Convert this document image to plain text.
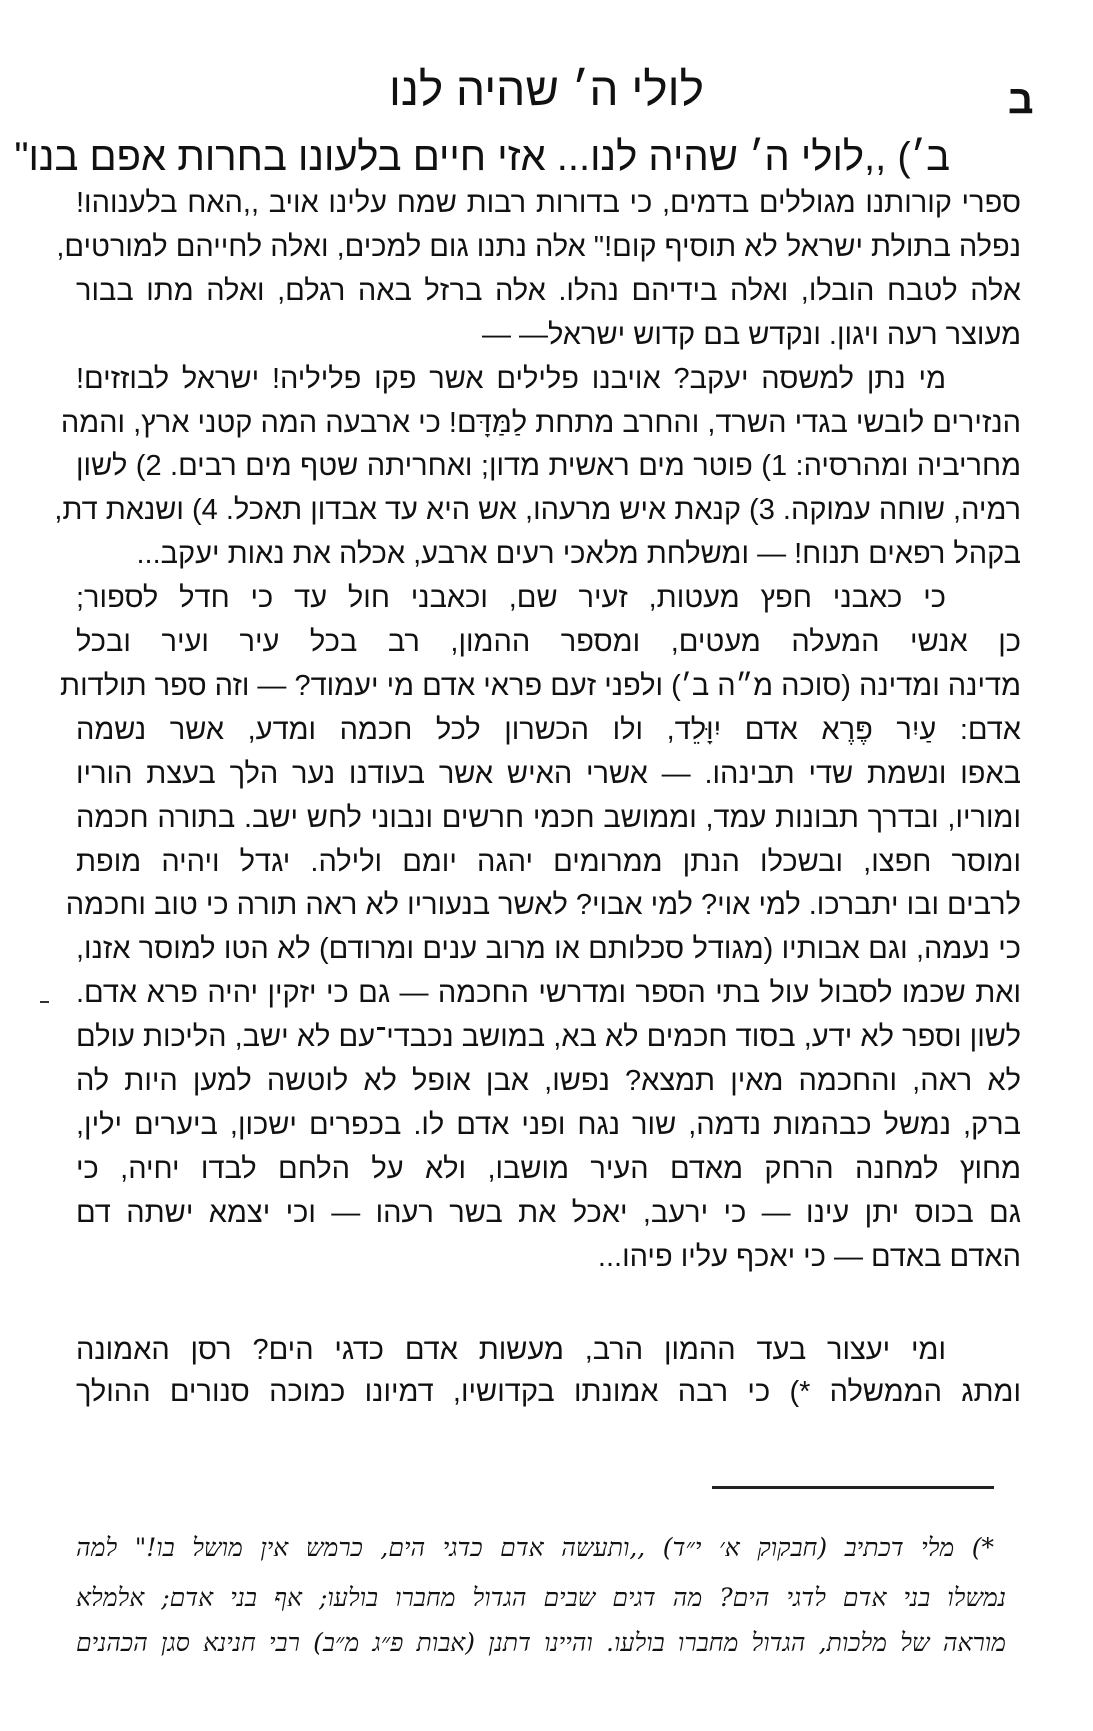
לולי ה׳ שהיה לנו	ב
ב׳) ,,לולי ה׳ שהיה לנו... אזי חיים בלעונו בחרות אפם בנו"
ספרי קורותנו מגוללים בדמים, כי בדורות רבות שמח עלינו אויב ,,האח בלענוהו!
נפלה בתולת ישראל לא תוסיף קום!" אלה נתנו גום למכים, ואלה לחייהם למורטים,
אלה לטבח הובלו, ואלה בידיהם נהלו. אלה ברזל באה רגלם, ואלה מתו בבור
מעוצר רעה ויגון. ונקדש בם קדוש ישראל— —
מי נתן למשסה יעקב? אויבנו פלילים אשר פקו פליליה! ישראל לבוזזים!
הנזירים לובשי בגדי השרד, והחרב מתחת לַמַּדָּם! כי ארבעה המה קטני ארץ, והמה
מחריביה ומהרסיה: 1) פוטר מים ראשית מדון; ואחריתה שטף מים רבים. 2) לשון
רמיה, שוחה עמוקה. 3) קנאת איש מרעהו, אש היא עד אבדון תאכל. 4) ושנאת דת,
בקהל רפאים תנוח! — ומשלחת מלאכי רעים ארבע, אכלה את נאות יעקב...
כי כאבני חפץ מעטות, זעיר שם, וכאבני חול עד כי חדל לספור;
כן אנשי המעלה מעטים, ומספר ההמון, רב בכל עיר ועיר ובכל
מדינה ומדינה (סוכה מ״ה ב׳) ולפני זעם פראי אדם מי יעמוד? — וזה ספר תולדות
אדם: עַיִר פֶּרֶא אדם יִוָּלֵד, ולו הכשרון לכל חכמה ומדע, אשר נשמה
באפו ונשמת שדי תבינהו. — אשרי האיש אשר בעודנו נער הלך בעצת הוריו
ומוריו, ובדרך תבונות עמד, וממושב חכמי חרשים ונבוני לחש ישב. בתורה חכמה
ומוסר חפצו, ובשכלו הנתן ממרומים יהגה יומם ולילה. יגדל ויהיה מופת
לרבים ובו יתברכו. למי אוי? למי אבוי? לאשר בנעוריו לא ראה תורה כי טוב וחכמה
כי נעמה, וגם אבותיו (מגודל סכלותם או מרוב ענים ומרודם) לא הטו למוסר אזנו,
ואת שכמו לסבול עול בתי הספר ומדרשי החכמה — גם כי יזקין יהיה פרא אדם.
לשון וספר לא ידע, בסוד חכמים לא בא, במושב נכבדי־עם לא ישב, הליכות עולם
לא ראה, והחכמה מאין תמצא? נפשו, אבן אופל לא לוטשה למען היות לה
ברק, נמשל כבהמות נדמה, שור נגח ופני אדם לו. בכפרים ישכון, ביערים ילין,
מחוץ למחנה הרחק מאדם העיר מושבו, ולא על הלחם לבדו יחיה, כי
גם בכוס יתן עינו — כי ירעב, יאכל את בשר רעהו — וכי יצמא ישתה דם
האדם באדם — כי יאכף עליו פיהו...
ומי יעצור בעד ההמון הרב, מעשות אדם כדגי הים? רסן האמונה
ומתג הממשלה *) כי רבה אמונתו בקדושיו, דמיונו כמוכה סנורים ההולך
*) מלי דכתיב (חבקוק א׳ י״ד) ,,ותעשה אדם כדגי הים, כרמש אין מושל בו!" למה
נמשלו בני אדם לדגי הים? מה דגים שבים הגדול מחברו בולעו; אף בני אדם; אלמלא
מוראה של מלכות, הגדול מחברו בולעו. והיינו דתנן (אבות פ״ג מ״ב) רבי חנינא סגן הכהנים
